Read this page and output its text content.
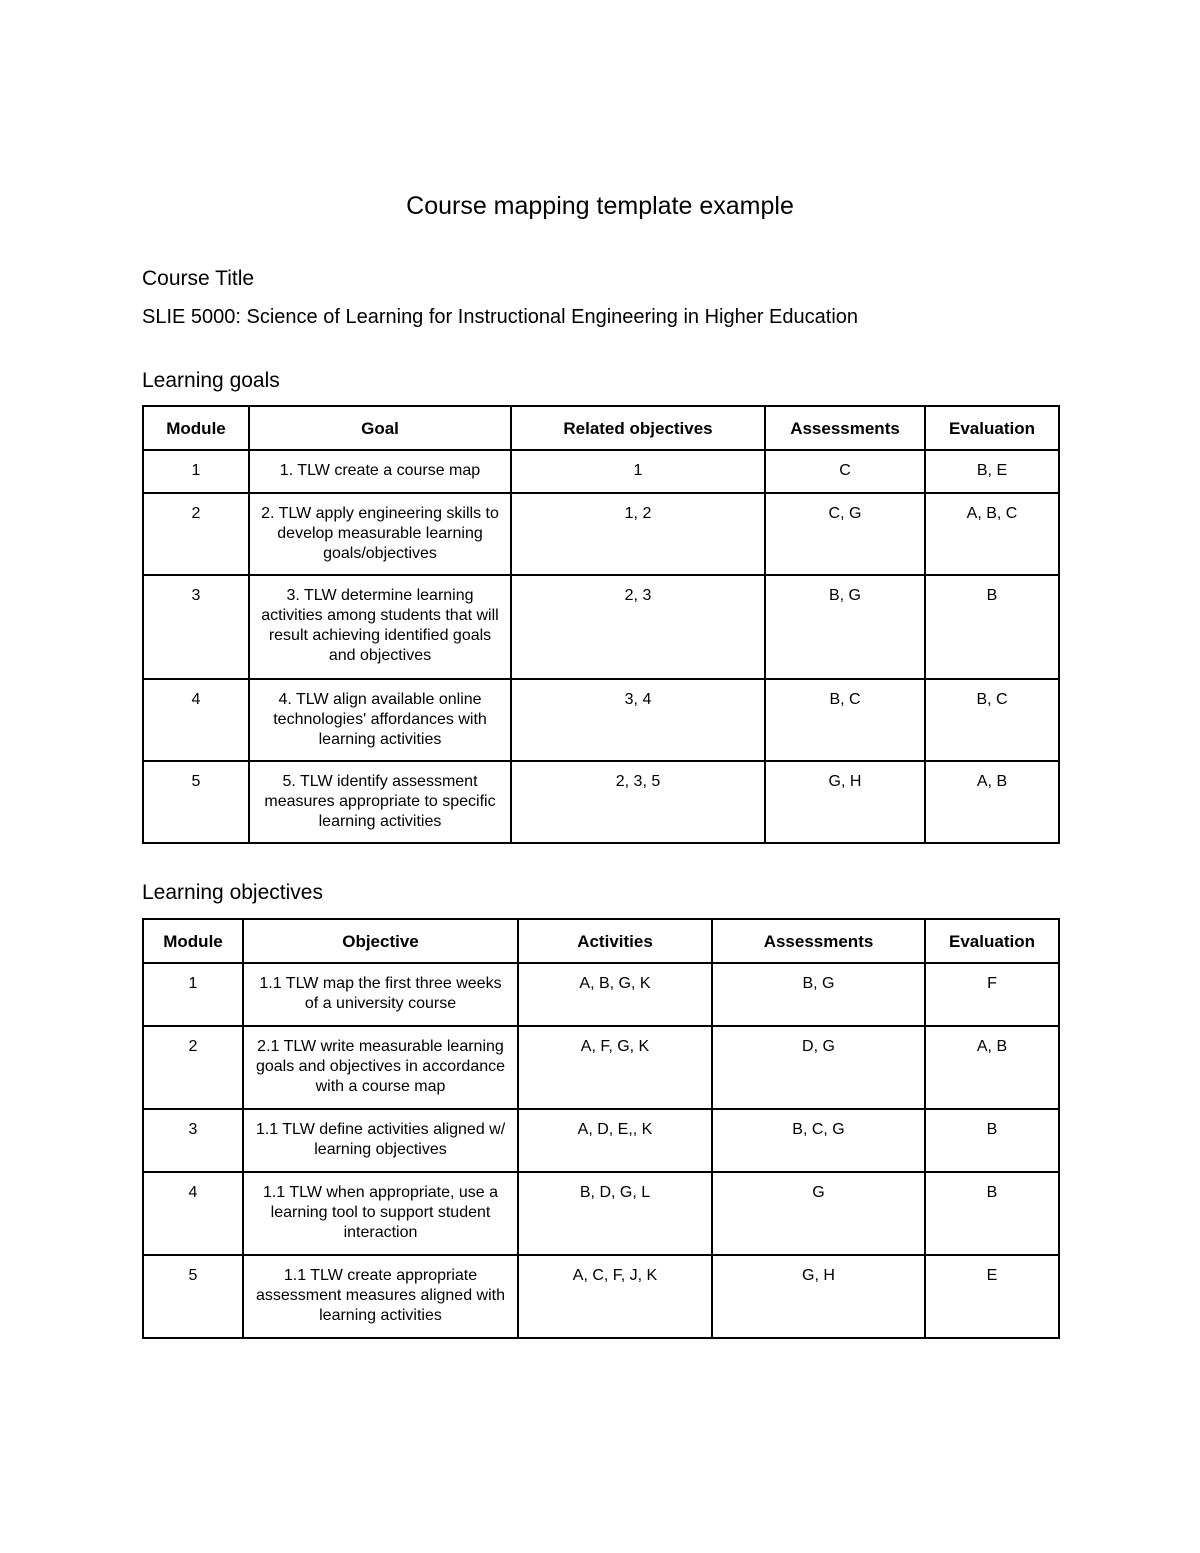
Course mapping template example

Course Title

SLIE 5000: Science of Learning for Instructional Engineering in Higher Education

Learning goals

Module	Goal	Related objectives	Assessments	Evaluation
1	1. TLW create a course map	1	C	B, E
2	2. TLW apply engineering skills to develop measurable learning goals/objectives	1, 2	C, G	A, B, C
3	3. TLW determine learning activities among students that will result achieving identified goals and objectives	2, 3	B, G	B
4	4. TLW align available online technologies' affordances with learning activities	3, 4	B, C	B, C
5	5. TLW identify assessment measures appropriate to specific learning activities	2, 3, 5	G, H	A, B

Learning objectives

Module	Objective	Activities	Assessments	Evaluation
1	1.1 TLW map the first three weeks of a university course	A, B, G, K	B, G	F
2	2.1 TLW write measurable learning goals and objectives in accordance with a course map	A, F, G, K	D, G	A, B
3	1.1 TLW define activities aligned w/ learning objectives	A, D, E,, K	B, C, G	B
4	1.1 TLW when appropriate, use a learning tool to support student interaction	B, D, G, L	G	B
5	1.1 TLW create appropriate assessment measures aligned with learning activities	A, C, F, J, K	G, H	E
